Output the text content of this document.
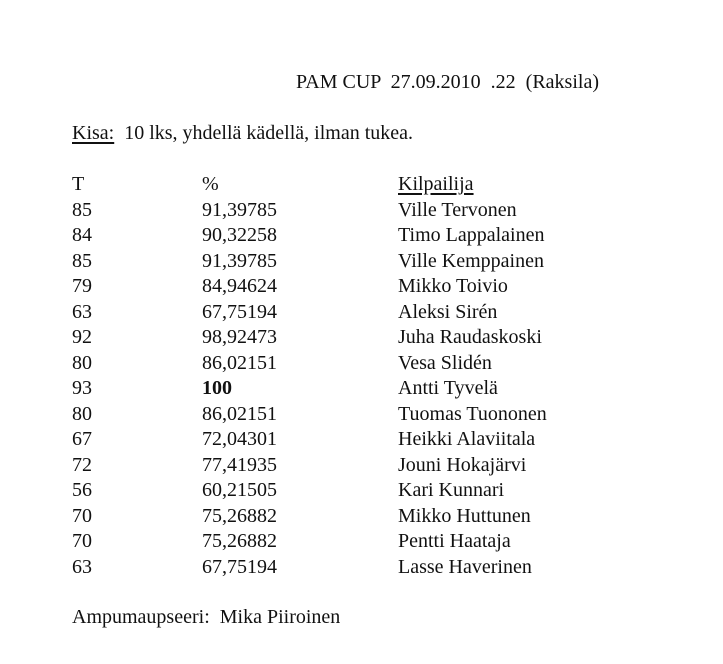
PAM CUP  27.09.2010  .22  (Raksila)
Kisa: 10 lks, yhdellä kädellä, ilman tukea.
T	%	Kilpailija
85	91,39785	Ville Tervonen
84	90,32258	Timo Lappalainen
85	91,39785	Ville Kemppainen
79	84,94624	Mikko Toivio
63	67,75194	Aleksi Sirén
92	98,92473	Juha Raudaskoski
80	86,02151	Vesa Slidén
93	100	Antti Tyvelä
80	86,02151	Tuomas Tuononen
67	72,04301	Heikki Alaviitala
72	77,41935	Jouni Hokajärvi
56	60,21505	Kari Kunnari
70	75,26882	Mikko Huttunen
70	75,26882	Pentti Haataja
63	67,75194	Lasse Haverinen
Ampumaupseeri:  Mika Piiroinen
